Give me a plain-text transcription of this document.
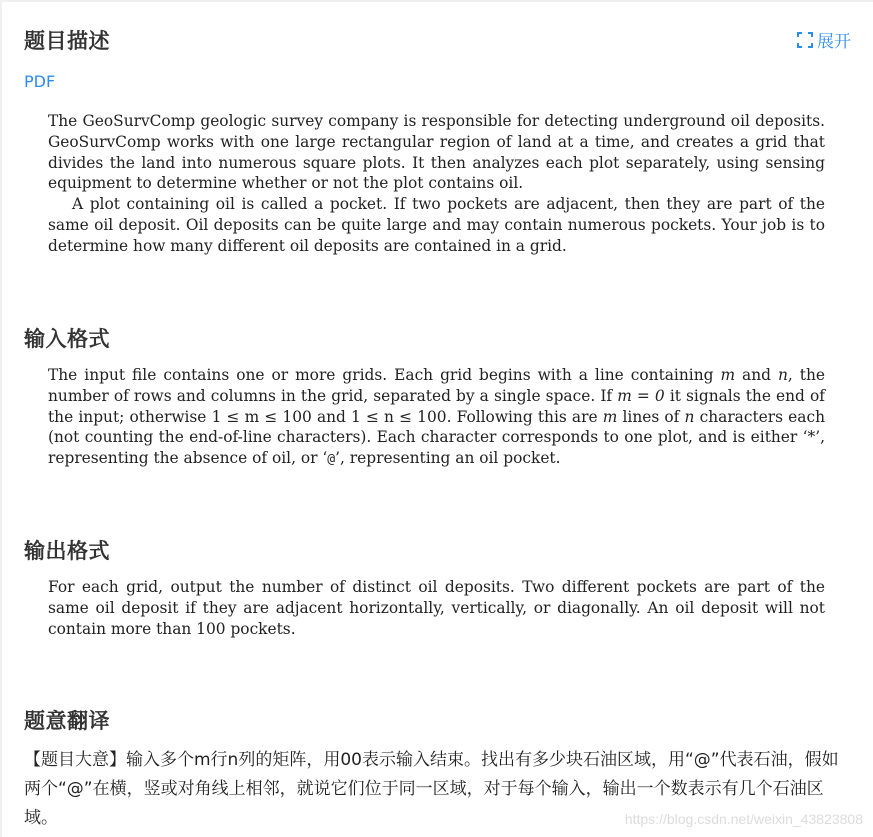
题目描述	展开
PDF

The GeoSurvComp geologic survey company is responsible for detecting underground oil deposits. GeoSurvComp works with one large rectangular region of land at a time, and creates a grid that divides the land into numerous square plots. It then analyzes each plot separately, using sensing equipment to determine whether or not the plot contains oil.

A plot containing oil is called a pocket. If two pockets are adjacent, then they are part of the same oil deposit. Oil deposits can be quite large and may contain numerous pockets. Your job is to determine how many different oil deposits are contained in a grid.

输入格式

The input file contains one or more grids. Each grid begins with a line containing m and n, the number of rows and columns in the grid, separated by a single space. If m = 0 it signals the end of the input; otherwise 1 ≤ m ≤ 100 and 1 ≤ n ≤ 100. Following this are m lines of n characters each (not counting the end-of-line characters). Each character corresponds to one plot, and is either ‘*’, representing the absence of oil, or ‘@’, representing an oil pocket.

输出格式

For each grid, output the number of distinct oil deposits. Two different pockets are part of the same oil deposit if they are adjacent horizontally, vertically, or diagonally. An oil deposit will not contain more than 100 pockets.

题意翻译
【题目大意】输入多个m行n列的矩阵，用00表示输入结束。找出有多少块石油区域，用“@”代表石油，假如两个“@”在横，竖或对角线上相邻，就说它们位于同一区域，对于每个输入，输出一个数表示有几个石油区域。	https://blog.csdn.net/weixin_43823808
